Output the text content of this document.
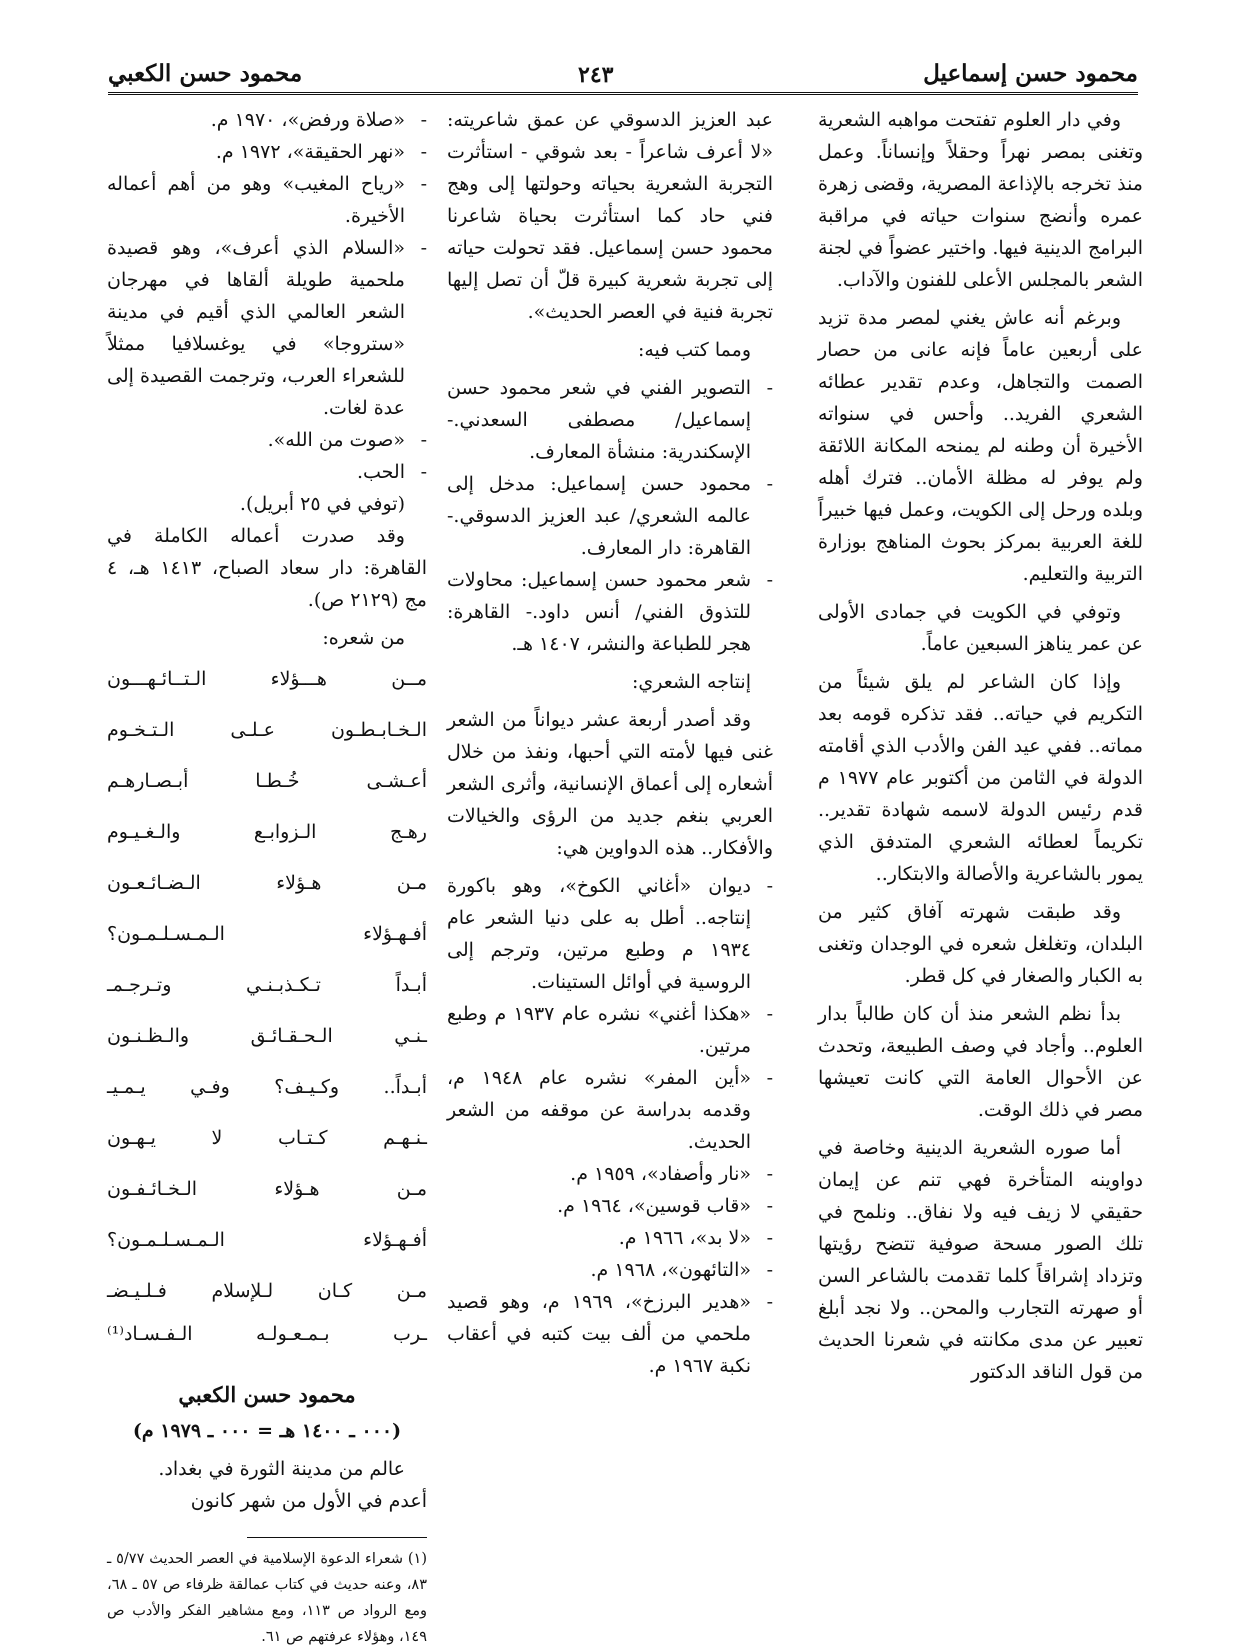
محمود حسن إسماعيل
٢٤٣
محمود حسن الكعبي

وفي دار العلوم تفتحت مواهبه الشعرية وتغنى بمصر نهراً وحقلاً وإنساناً. وعمل منذ تخرجه بالإذاعة المصرية، وقضى زهرة عمره وأنضج سنوات حياته في مراقبة البرامج الدينية فيها. واختير عضواً في لجنة الشعر بالمجلس الأعلى للفنون والآداب.

وبرغم أنه عاش يغني لمصر مدة تزيد على أربعين عاماً فإنه عانى من حصار الصمت والتجاهل، وعدم تقدير عطائه الشعري الفريد.. وأحس في سنواته الأخيرة أن وطنه لم يمنحه المكانة اللائقة ولم يوفر له مظلة الأمان.. فترك أهله وبلده ورحل إلى الكويت، وعمل فيها خبيراً للغة العربية بمركز بحوث المناهج بوزارة التربية والتعليم.

وتوفي في الكويت في جمادى الأولى عن عمر يناهز السبعين عاماً.

وإذا كان الشاعر لم يلق شيئاً من التكريم في حياته.. فقد تذكره قومه بعد مماته.. ففي عيد الفن والأدب الذي أقامته الدولة في الثامن من أكتوبر عام ١٩٧٧ م قدم رئيس الدولة لاسمه شهادة تقدير.. تكريماً لعطائه الشعري المتدفق الذي يمور بالشاعرية والأصالة والابتكار..

وقد طبقت شهرته آفاق كثير من البلدان، وتغلغل شعره في الوجدان وتغنى به الكبار والصغار في كل قطر.

بدأ نظم الشعر منذ أن كان طالباً بدار العلوم.. وأجاد في وصف الطبيعة، وتحدث عن الأحوال العامة التي كانت تعيشها مصر في ذلك الوقت.

أما صوره الشعرية الدينية وخاصة في دواوينه المتأخرة فهي تنم عن إيمان حقيقي لا زيف فيه ولا نفاق.. ونلمح في تلك الصور مسحة صوفية تتضح رؤيتها وتزداد إشراقاً كلما تقدمت بالشاعر السن أو صهرته التجارب والمحن.. ولا نجد أبلغ تعبير عن مدى مكانته في شعرنا الحديث من قول الناقد الدكتور

عبد العزيز الدسوقي عن عمق شاعريته: «لا أعرف شاعراً - بعد شوقي - استأثرت التجربة الشعرية بحياته وحولتها إلى وهج فني حاد كما استأثرت بحياة شاعرنا محمود حسن إسماعيل. فقد تحولت حياته إلى تجربة شعرية كبيرة قلّ أن تصل إليها تجربة فنية في العصر الحديث».

ومما كتب فيه:

- التصوير الفني في شعر محمود حسن إسماعيل/ مصطفى السعدني.- الإسكندرية: منشأة المعارف.

- محمود حسن إسماعيل: مدخل إلى عالمه الشعري/ عبد العزيز الدسوقي.- القاهرة: دار المعارف.

- شعر محمود حسن إسماعيل: محاولات للتذوق الفني/ أنس داود.- القاهرة: هجر للطباعة والنشر، ١٤٠٧ هـ.

إنتاجه الشعري:

وقد أصدر أربعة عشر ديواناً من الشعر غنى فيها لأمته التي أحبها، ونفذ من خلال أشعاره إلى أعماق الإنسانية، وأثرى الشعر العربي بنغم جديد من الرؤى والخيالات والأفكار.. هذه الدواوين هي:

- ديوان «أغاني الكوخ»، وهو باكورة إنتاجه.. أطل به على دنيا الشعر عام ١٩٣٤ م وطبع مرتين، وترجم إلى الروسية في أوائل الستينات.

- «هكذا أغني» نشره عام ١٩٣٧ م وطبع مرتين.

- «أين المفر» نشره عام ١٩٤٨ م، وقدمه بدراسة عن موقفه من الشعر الحديث.

- «نار وأصفاد»، ١٩٥٩ م.

- «قاب قوسين»، ١٩٦٤ م.

- «لا بد»، ١٩٦٦ م.

- «التائهون»، ١٩٦٨ م.

- «هدير البرزخ»، ١٩٦٩ م، وهو قصيد ملحمي من ألف بيت كتبه في أعقاب نكبة ١٩٦٧ م.

- «صلاة ورفض»، ١٩٧٠ م.

- «نهر الحقيقة»، ١٩٧٢ م.

- «رياح المغيب» وهو من أهم أعماله الأخيرة.

- «السلام الذي أعرف»، وهو قصيدة ملحمية طويلة ألقاها في مهرجان الشعر العالمي الذي أقيم في مدينة «ستروجا» في يوغسلافيا ممثلاً للشعراء العرب، وترجمت القصيدة إلى عدة لغات.

- «صوت من الله».

- الحب.

(توفي في ٢٥ أبريل).

وقد صدرت أعماله الكاملة في القاهرة: دار سعاد الصباح، ١٤١٣ هـ، ٤ مج (٢١٢٩ ص).

من شعره:

مــن هـــؤلاء الـتــائـهـــون

الـخـابـطـون عـلـى الـتـخـوم

أعـشـى خُـطـا أبـصـارهـم

رهـج الـزوابـع والـغـيـوم

مـن هـؤلاء الـضـائـعـون

أفـهـؤلاء الـمـسـلـمـون؟

أبـداً تـكـذبـنـي وتـرجـمـ

ـنـي الـحـقـائـق والـظـنـون

أبـداً.. وكـيـف؟ وفـي يـمـيـ

ـنـهـم كـتـاب لا يـهـون

مـن هـؤلاء الـخـائـفـون

أفـهـؤلاء الـمـسـلـمـون؟

مـن كـان لـلإسلام فـلـيـضـ

ـرب بـمـعـولـه الـفـسـاد⁽¹⁾

محمود حسن الكعبي
(٠٠٠ ـ ١٤٠٠ هـ = ٠٠٠ ـ ١٩٧٩ م)

عالم من مدينة الثورة في بغداد.

أعدم في الأول من شهر كانون

(١) شعراء الدعوة الإسلامية في العصر الحديث ٥/٧٧ ـ ٨٣، وعنه حديث في كتاب عمالقة ظرفاء ص ٥٧ ـ ٦٨، ومع الرواد ص ١١٣، ومع مشاهير الفكر والأدب ص ١٤٩، وهؤلاء عرفتهم ص ٦١.
